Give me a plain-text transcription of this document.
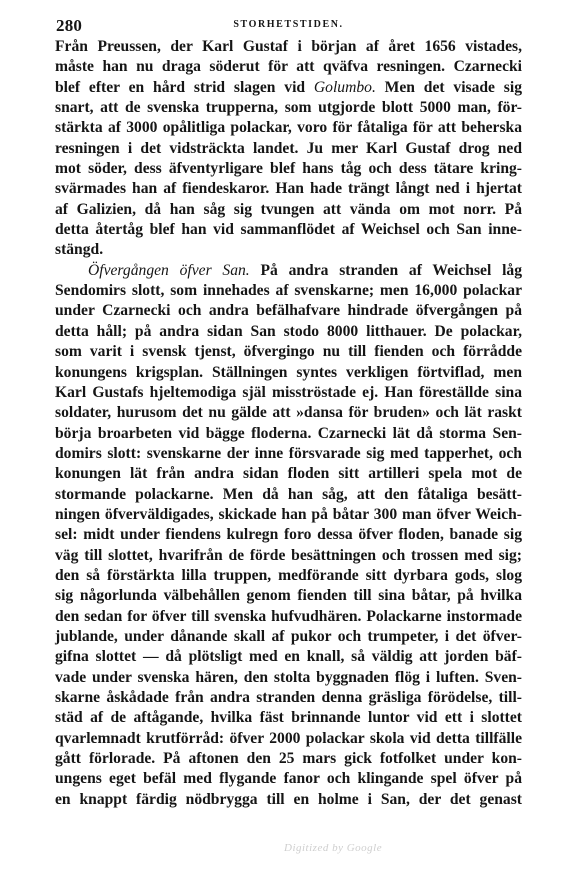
280	STORHETSTIDEN.
Från Preussen, der Karl Gustaf i början af året 1656 vistades,
måste han nu draga söderut för att qväfva resningen. Czarnecki
blef efter en hård strid slagen vid Golumbo. Men det visade sig
snart, att de svenska trupperna, som utgjorde blott 5000 man, för-
stärkta af 3000 opålitliga polackar, voro för fåtaliga för att beherska
resningen i det vidsträckta landet. Ju mer Karl Gustaf drog ned
mot söder, dess äfventyrligare blef hans tåg och dess tätare kring-
svärmades han af fiendeskaror. Han hade trängt långt ned i hjertat
af Galizien, då han såg sig tvungen att vända om mot norr. På
detta återtåg blef han vid sammanflödet af Weichsel och San inne-
stängd.
Öfvergången öfver San. På andra stranden af Weichsel låg
Sendomirs slott, som innehades af svenskarne; men 16,000 polackar
under Czarnecki och andra befälhafvare hindrade öfvergången på
detta håll; på andra sidan San stodo 8000 litthauer. De polackar,
som varit i svensk tjenst, öfvergingo nu till fienden och förrådde
konungens krigsplan. Ställningen syntes verkligen förtviflad, men
Karl Gustafs hjeltemodiga själ misströstade ej. Han föreställde sina
soldater, hurusom det nu gälde att »dansa för bruden» och lät raskt
börja broarbeten vid bägge floderna. Czarnecki lät då storma Sen-
domirs slott: svenskarne der inne försvarade sig med tapperhet, och
konungen lät från andra sidan floden sitt artilleri spela mot de
stormande polackarne. Men då han såg, att den fåtaliga besätt-
ningen öfverväldigades, skickade han på båtar 300 man öfver Weich-
sel: midt under fiendens kulregn foro dessa öfver floden, banade sig
väg till slottet, hvarifrån de förde besättningen och trossen med sig;
den så förstärkta lilla truppen, medförande sitt dyrbara gods, slog
sig någorlunda välbehållen genom fienden till sina båtar, på hvilka
den sedan for öfver till svenska hufvudhären. Polackarne instormade
jublande, under dånande skall af pukor och trumpeter, i det öfver-
gifna slottet — då plötsligt med en knall, så väldig att jorden bäf-
vade under svenska hären, den stolta byggnaden flög i luften. Sven-
skarne åskådade från andra stranden denna gräsliga förödelse, till-
städ af de aftågande, hvilka fäst brinnande luntor vid ett i slottet
qvarlemnadt krutförråd: öfver 2000 polackar skola vid detta tillfälle
gått förlorade. På aftonen den 25 mars gick fotfolket under kon-
ungens eget befäl med flygande fanor och klingande spel öfver på
en knappt färdig nödbrygga till en holme i San, der det genast
Digitized by Google
